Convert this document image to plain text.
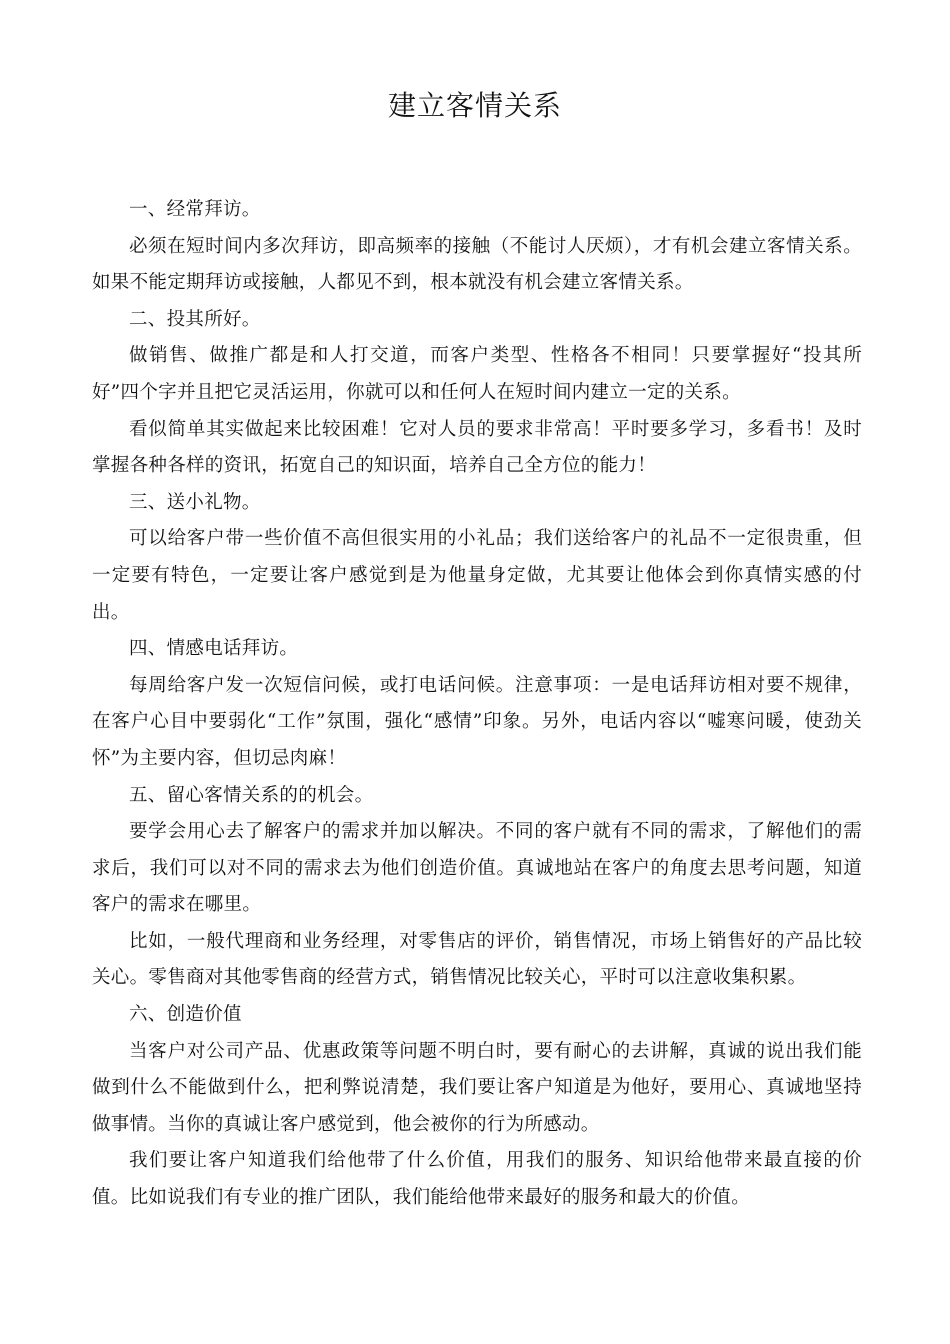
建立客情关系

一、经常拜访。

必须在短时间内多次拜访，即高频率的接触（不能讨人厌烦），才有机会建立客情关系。如果不能定期拜访或接触，人都见不到，根本就没有机会建立客情关系。

二、投其所好。

做销售、做推广都是和人打交道，而客户类型、性格各不相同！只要掌握好“投其所好”四个字并且把它灵活运用，你就可以和任何人在短时间内建立一定的关系。

看似简单其实做起来比较困难！它对人员的要求非常高！平时要多学习，多看书！及时掌握各种各样的资讯，拓宽自己的知识面，培养自己全方位的能力！

三、送小礼物。

可以给客户带一些价值不高但很实用的小礼品；我们送给客户的礼品不一定很贵重，但一定要有特色，一定要让客户感觉到是为他量身定做，尤其要让他体会到你真情实感的付出。

四、情感电话拜访。

每周给客户发一次短信问候，或打电话问候。注意事项：一是电话拜访相对要不规律，在客户心目中要弱化“工作”氛围，强化“感情”印象。另外，电话内容以“嘘寒问暖，使劲关怀”为主要内容，但切忌肉麻！

五、留心客情关系的的机会。

要学会用心去了解客户的需求并加以解决。不同的客户就有不同的需求，了解他们的需求后，我们可以对不同的需求去为他们创造价值。真诚地站在客户的角度去思考问题，知道客户的需求在哪里。

比如，一般代理商和业务经理，对零售店的评价，销售情况，市场上销售好的产品比较关心。零售商对其他零售商的经营方式，销售情况比较关心，平时可以注意收集积累。

六、创造价值

当客户对公司产品、优惠政策等问题不明白时，要有耐心的去讲解，真诚的说出我们能做到什么不能做到什么，把利弊说清楚，我们要让客户知道是为他好，要用心、真诚地坚持做事情。当你的真诚让客户感觉到，他会被你的行为所感动。

我们要让客户知道我们给他带了什么价值，用我们的服务、知识给他带来最直接的价值。比如说我们有专业的推广团队，我们能给他带来最好的服务和最大的价值。
